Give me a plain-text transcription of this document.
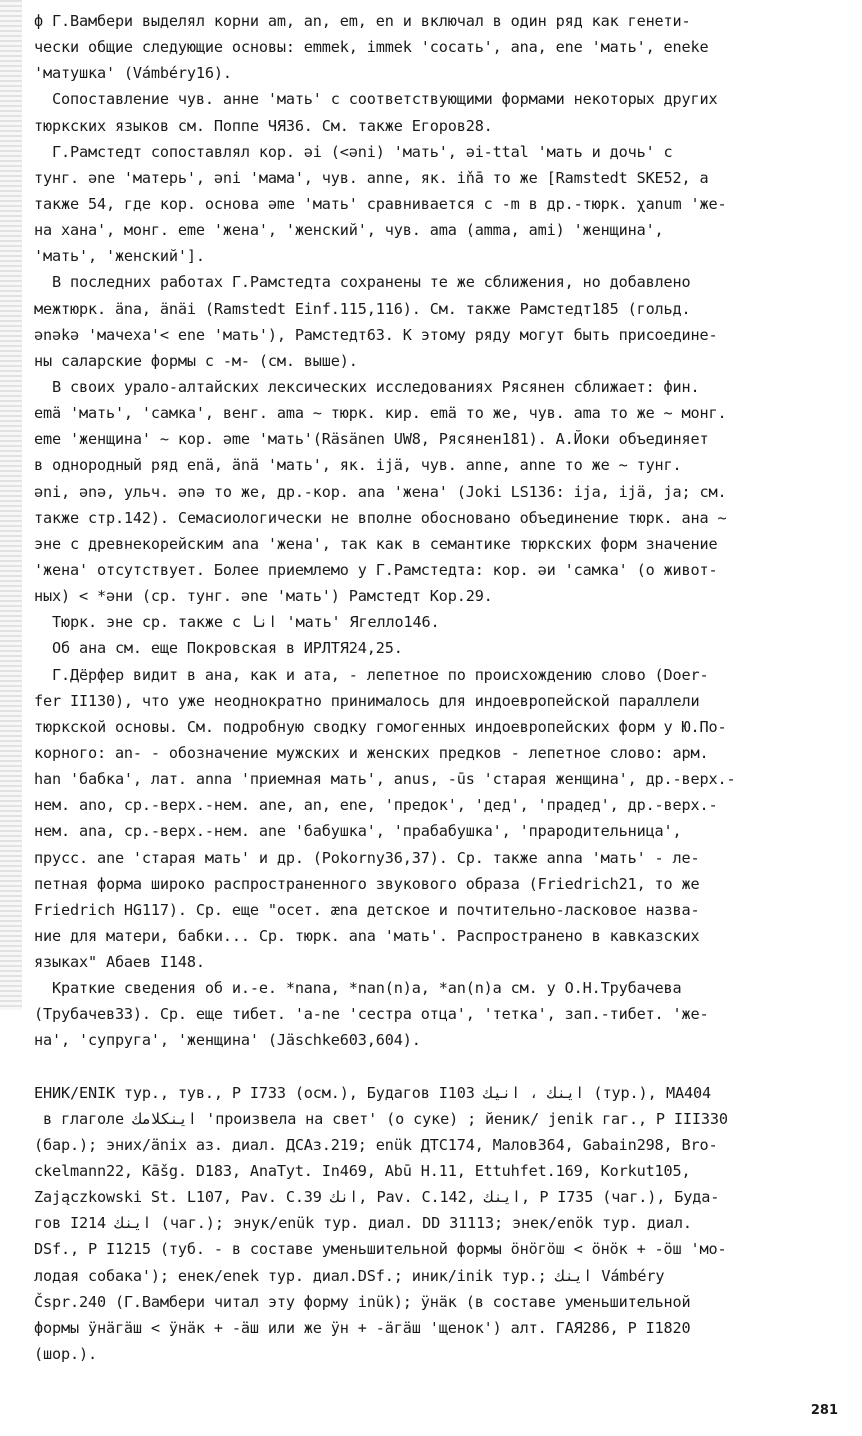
ф Г.Вамбери выделял корни am, an, em, en и включал в один ряд как генети-
чески общие следующие основы: emmek, immek 'сосать', ana, ene 'мать', eneke
'матушка' (Vámbéry16).
Сопоставление чув. анне 'мать' с соответствующими формами некоторых других
тюркских языков см. Поппе ЧЯ36. См. также Егоров28.
Г.Рамстедт сопоставлял кор. əi (<əni) 'мать', əi-ttal 'мать и дочь' с
тунг. əne 'матерь', əni 'мама', чув. anne, як. iňā то же [Ramstedt SKE52, а
также 54, где кор. основа əme 'мать' сравнивается с -m в др.-тюрк. χanum 'же-
на хана', монг. eme 'жена', 'женский', чув. ama (amma, ami) 'женщина',
'мать', 'женский'].
В последних работах Г.Рамстедта сохранены те же сближения, но добавлено
межтюрк. äna, änäi (Ramstedt Einf.115,116). См. также Рамстедт185 (гольд.
ənəkə 'мачеха'< ene 'мать'), Рамстедт63. К этому ряду могут быть присоедине-
ны саларские формы с -м- (см. выше).
В своих урало-алтайских лексических исследованиях Рясянен сближает: фин.
emä 'мать', 'самка', венг. ama ~ тюрк. кир. emä то же, чув. ama то же ~ монг.
eme 'женщина' ~ кор. əme 'мать'(Räsänen UW8, Рясянен181). А.Йоки объединяет
в однородный ряд enä, änä 'мать', як. ijä, чув. anne, anne то же ~ тунг.
əni, ənə, ульч. ənə то же, др.-кор. ana 'жена' (Joki LS136: ija, ijä, ja; см.
также стр.142). Семасиологически не вполне обосновано объединение тюрк. ана ~
эне с древнекорейским ana 'жена', так как в семантике тюркских форм значение
'жена' отсутствует. Более приемлемо у Г.Рамстедта: кор. əи 'самка' (о живот-
ных) < *əни (ср. тунг. əne 'мать') Рамстедт Кор.29.
Тюрк. эне ср. также с ﺍﻧﺎ 'мать' Ягелло146.
Об ана см. еще Покровская в ИРЛТЯ24,25.
Г.Дёрфер видит в ана, как и ата, - лепетное по происхождению слово (Doer-
fer II130), что уже неоднократно принималось для индоевропейской параллели
тюркской основы. См. подробную сводку гомогенных индоевропейских форм у Ю.По-
корного: an- - обозначение мужских и женских предков - лепетное слово: арм.
han 'бабка', лат. anna 'приемная мать', anus, -ūs 'старая женщина', др.-верх.-
нем. ano, ср.-верх.-нем. ane, an, ene, 'предок', 'дед', 'прадед', др.-верх.-
нем. ana, ср.-верх.-нем. ane 'бабушка', 'прабабушка', 'прародительница',
прусс. ane 'старая мать' и др. (Pokorny36,37). Ср. также anna 'мать' - ле-
петная форма широко распространенного звукового образа (Friedrich21, то же
Friedrich HG117). Ср. еще "осет. æna детское и почтительно-ласковое назва-
ние для матери, бабки... Ср. тюрк. ana 'мать'. Распространено в кавказских
языках" Абаев I148.
Краткие сведения об и.-е. *nana, *nan(n)a, *an(n)a см. у О.Н.Трубачева
(Трубачев33). Ср. еще тибет. 'a-ne 'сестра отца', 'тетка', зап.-тибет. 'же-
на', 'супруга', 'женщина' (Jäschke603,604).
ЕНИК/ENIK тур., тув., Р I733 (осм.), Будагов I103 ﺍﻳﻨﻚ ، ﺍﻧﻴﻚ (тур.), МА404
в глаголе ﺍﻳﻨﻜﻼﻣﻚ 'произвела на свет' (о суке) ; йеник/ jenik гаг., Р III330
(бар.); эних/änix аз. диал. ДСАз.219; enük ДТС174, Малов364, Gabain298, Bro-
ckelmann22, Kāšg. D183, AnaTyt. In469, Abū H.11, Ettuhfet.169, Korkut105,
Zajączkowski St. L107, Pav. C.39 ﺍﻧﻚ, Pav. C.142, ﺍﻳﻨﻚ, P I735 (чаг.), Будa-
гов I214 ﺍﻳﻨﻚ (чаг.); энук/enük тур. диал. DD 31113; энек/enök тур. диал.
DSf., Р I1215 (туб. - в составе уменьшительной формы öнöгöш < öнöк + -öш 'мо-
лодая собака'); енек/enek тур. диал.DSf.; иник/inik тур.; ﺍﻳﻨﻚ Vámbéry
Čspr.240 (Г.Вамбери читал эту форму inük); ÿнäк (в составе уменьшительной
формы ÿнäгäш < ÿнäк + -äш или же ÿн + -äгäш 'щенок') алт. ГАЯ286, Р I1820
(шор.).
281
